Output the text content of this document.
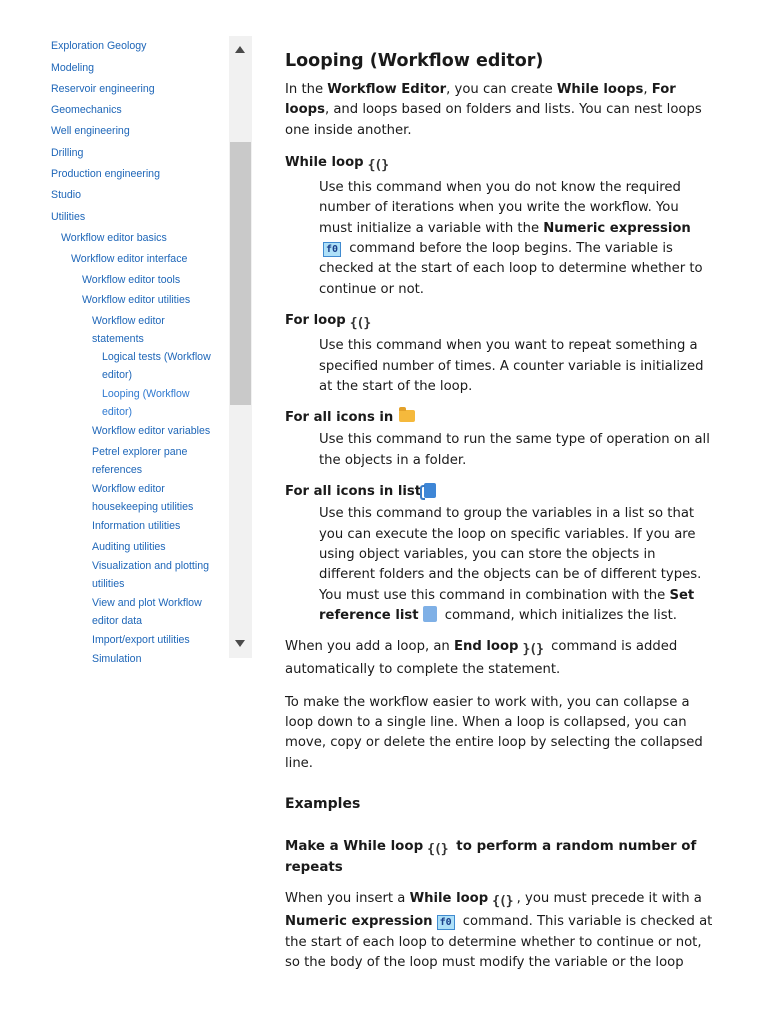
Exploration Geology
Modeling
Reservoir engineering
Geomechanics
Well engineering
Drilling
Production engineering
Studio
Utilities
Workflow editor basics
Workflow editor interface
Workflow editor tools
Workflow editor utilities
Workflow editor
statements
Logical tests (Workflow
editor)
Looping (Workflow
editor)
Workflow editor variables
Petrel explorer pane
references
Workflow editor
housekeeping utilities
Information utilities
Auditing utilities
Visualization and plotting
utilities
View and plot Workflow
editor data
Import/export utilities
Simulation
Looping (Workflow editor)

In the Workflow Editor, you can create While loops, For loops, and loops based on folders and lists. You can nest loops one inside another.

While loop {(}
Use this command when you do not know the required number of iterations when you write the workflow. You must initialize a variable with the Numeric expressionf0 command before the loop begins. The variable is checked at the start of each loop to determine whether to continue or not.
For loop {(}
Use this command when you want to repeat something a specified number of times. A counter variable is initialized at the start of the loop.
For all icons in
Use this command to run the same type of operation on all the objects in a folder.
For all icons in list
Use this command to group the variables in a list so that you can execute the loop on specific variables. If you are using object variables, you can store the objects in different folders and the objects can be of different types. You must use this command in combination with the Set reference list command, which initializes the list.

When you add a loop, an End loop }(} command is added automatically to complete the statement.

To make the workflow easier to work with, you can collapse a loop down to a single line. When a loop is collapsed, you can move, copy or delete the entire loop by selecting the collapsed line.

Examples
Make a While loop {(} to perform a random number of repeats

When you insert a While loop {(} , you must precede it with a Numeric expression f0 command. This variable is checked at the start of each loop to determine whether to continue or not, so the body of the loop must modify the variable or the loop
